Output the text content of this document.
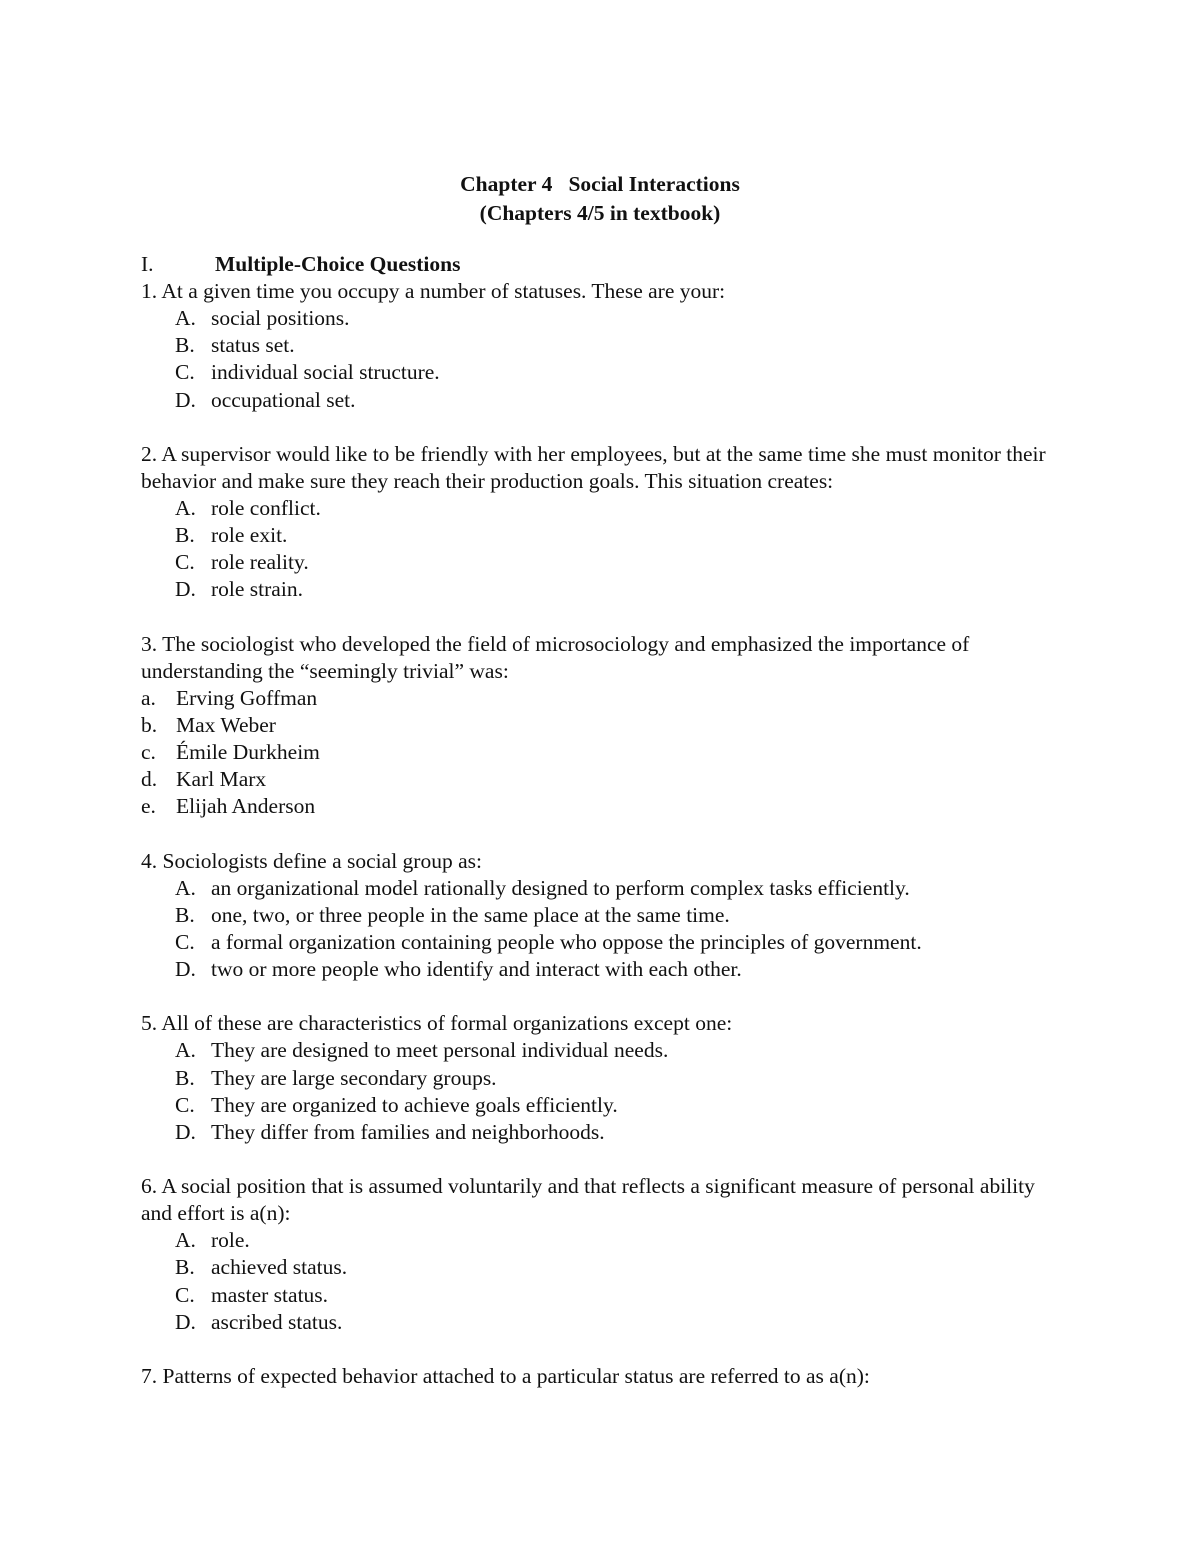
Chapter 4   Social Interactions
(Chapters 4/5 in textbook)
I.	Multiple-Choice Questions
1. At a given time you occupy a number of statuses. These are your:
A. social positions.
B. status set.
C. individual social structure.
D. occupational set.
2. A supervisor would like to be friendly with her employees, but at the same time she must monitor their behavior and make sure they reach their production goals. This situation creates:
A. role conflict.
B. role exit.
C. role reality.
D. role strain.
3. The sociologist who developed the field of microsociology and emphasized the importance of understanding the “seemingly trivial” was:
a. Erving Goffman
b. Max Weber
c. Émile Durkheim
d. Karl Marx
e. Elijah Anderson
4. Sociologists define a social group as:
A. an organizational model rationally designed to perform complex tasks efficiently.
B. one, two, or three people in the same place at the same time.
C. a formal organization containing people who oppose the principles of government.
D. two or more people who identify and interact with each other.
5. All of these are characteristics of formal organizations except one:
A. They are designed to meet personal individual needs.
B. They are large secondary groups.
C. They are organized to achieve goals efficiently.
D. They differ from families and neighborhoods.
6. A social position that is assumed voluntarily and that reflects a significant measure of personal ability and effort is a(n):
A. role.
B. achieved status.
C. master status.
D. ascribed status.
7. Patterns of expected behavior attached to a particular status are referred to as a(n):
